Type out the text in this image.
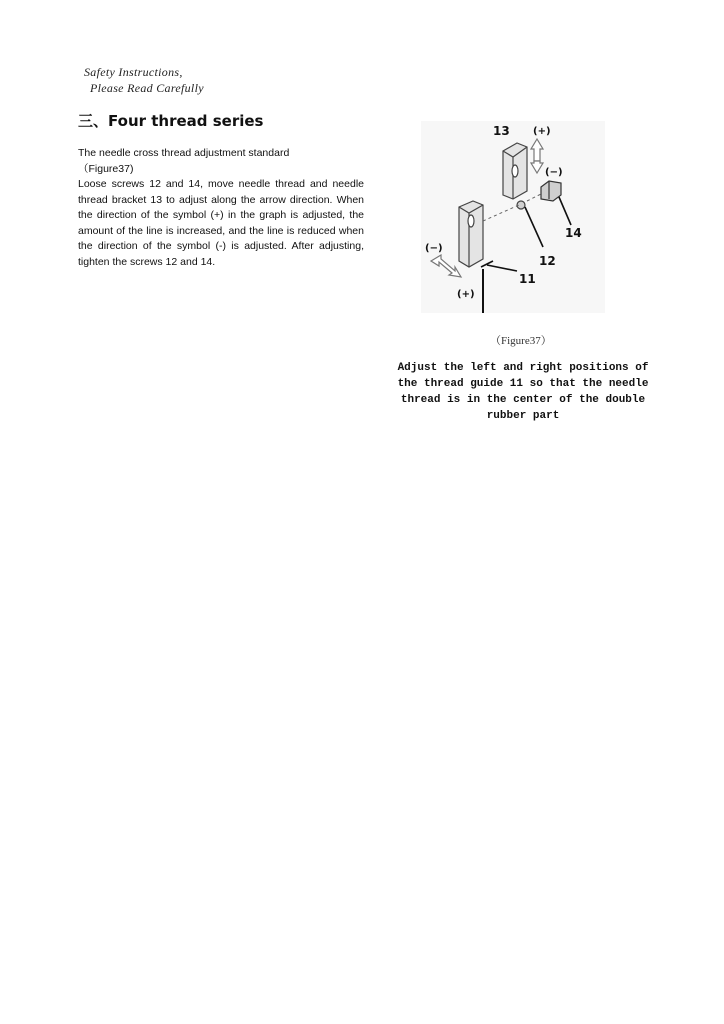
Safety Instructions,
Please Read Carefully
三、Four thread series

The needle cross thread adjustment standard

（Figure37)

Loose screws 12 and 14, move needle thread and needle thread bracket 13 to adjust along the arrow direction. When the direction of the symbol (+) in the graph is adjusted, the amount of the line is increased, and the line is reduced when the direction of the symbol (-) is adjusted. After adjusting, tighten the screws 12 and 14.

13 (+)
(−)
14
12
11
(−)
(+)
（Figure37）
Adjust the left and right positions of the thread guide 11 so that the needle thread is in the center of the double rubber part
